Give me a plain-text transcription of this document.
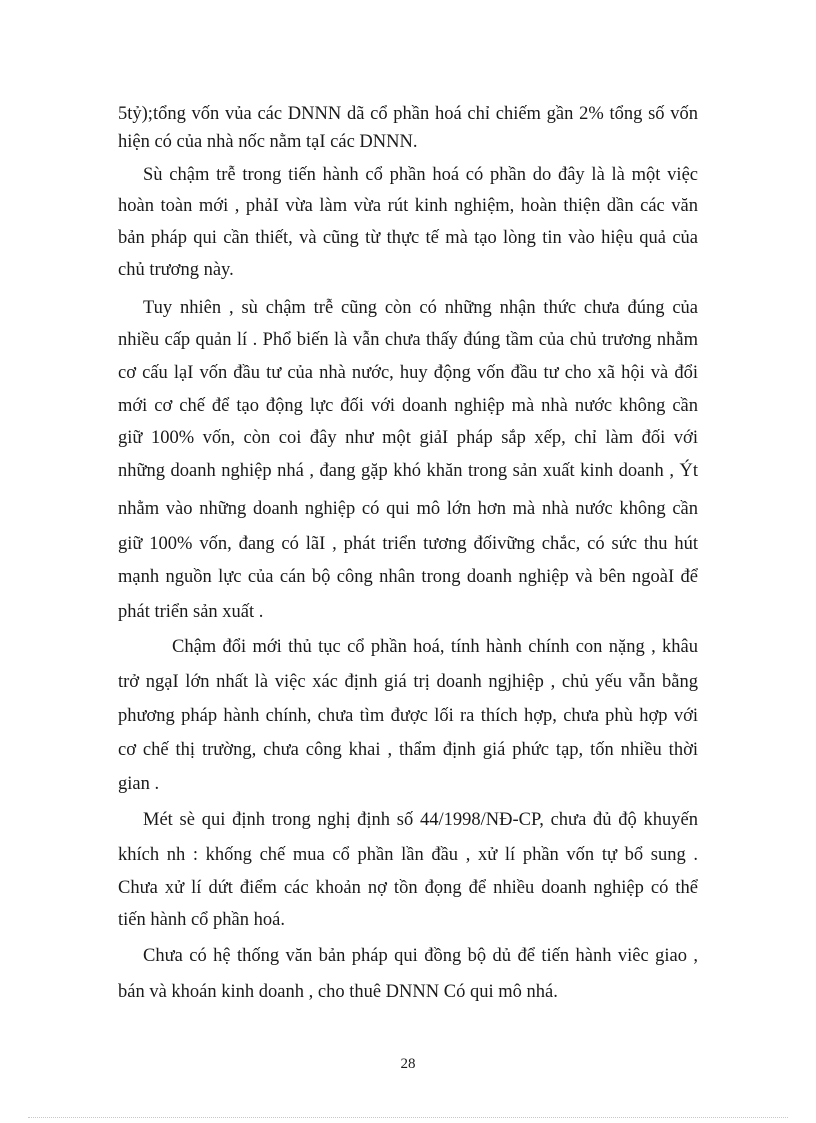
5tỷ);tổng vốn vủa các DNNN dã cổ phần hoá chỉ chiếm gần 2% tổng số vốn
hiện có của nhà nốc nằm tạI các DNNN.
Sù chậm trễ trong tiến hành cổ phần hoá có phần do đây là là một việc
hoàn toàn mới , phảI vừa làm vừa rút kinh nghiệm, hoàn thiện dần các văn
bản pháp qui cần thiết, và cũng từ thực tế mà tạo lòng tin vào hiệu quả của
chủ trương này.
Tuy nhiên , sù chậm trễ cũng còn có những nhận thức chưa đúng của
nhiều cấp quản lí . Phổ biến là vẫn chưa thấy đúng tầm của chủ trương nhằm
cơ cấu lạI vốn đầu tư của nhà nước, huy động vốn đầu tư cho xã hội và đổi
mới cơ chế để tạo động lực đối với doanh nghiệp mà nhà nước không cần
giữ 100% vốn, còn coi đây như một giảI pháp sắp xếp, chỉ làm đối với
những doanh nghiệp nhá , đang gặp khó khăn trong sản xuất kinh doanh , Ýt
nhằm vào những doanh nghiệp có qui mô lớn hơn mà nhà nước không cần
giữ 100% vốn, đang có lãI , phát triển tương đốivững chắc, có sức thu hút
mạnh nguồn lực của cán bộ công nhân trong doanh nghiệp và bên ngoàI để
phát triển sản xuất .
Chậm đổi mới thủ tục cổ phần hoá, tính hành chính con nặng , khâu
trở ngạI lớn nhất là việc xác định giá trị doanh ngjhiệp , chủ yếu vẫn bằng
phương pháp hành chính, chưa tìm được lối ra thích hợp, chưa phù hợp với
cơ chế thị trường, chưa công khai , thẩm định giá phức tạp, tốn nhiều thời
gian .
Mét sè qui định trong nghị định số 44/1998/NĐ-CP, chưa đủ độ khuyến
khích nh : khống chế mua cổ phần lần đầu , xử lí phần vốn tự bổ sung .
Chưa xử lí dứt điểm các khoản nợ tồn đọng để nhiều doanh nghiệp có thể
tiến hành cổ phần hoá.
Chưa có hệ thống văn bản pháp qui đồng bộ dủ để tiến hành viêc giao ,
bán và khoán kinh doanh , cho thuê DNNN Có qui mô nhá.
28
